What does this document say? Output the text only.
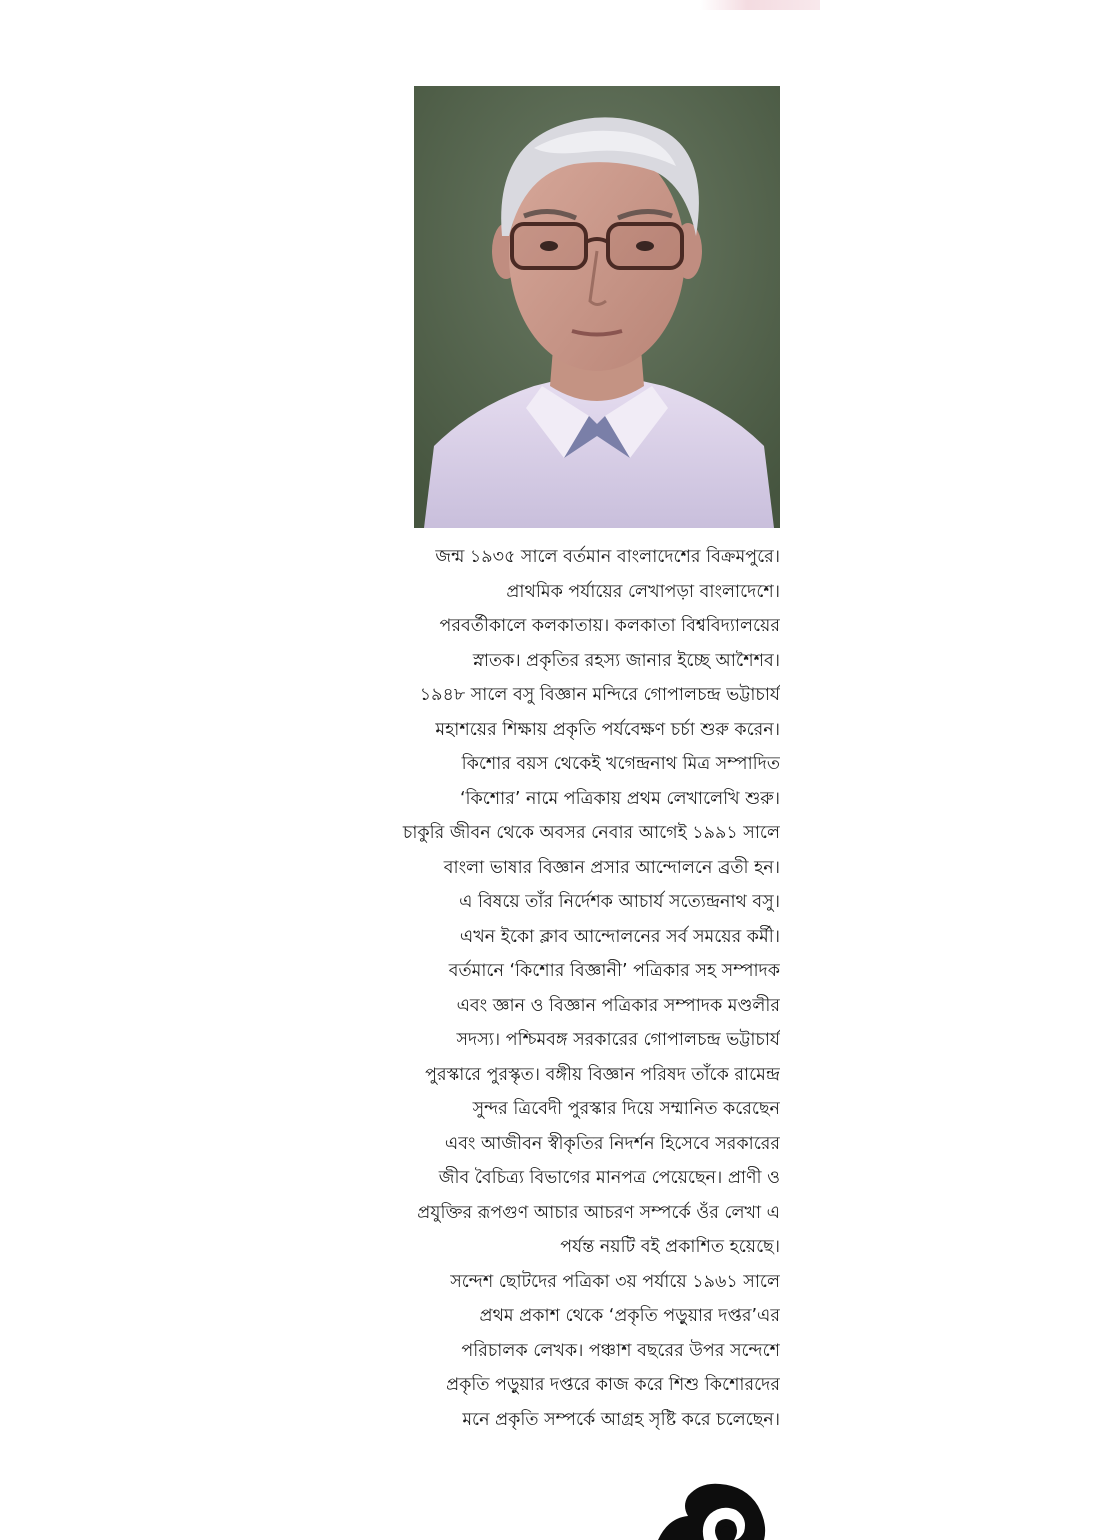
জন্ম ১৯৩৫ সালে বর্তমান বাংলাদেশের বিক্রমপুরে।
প্রাথমিক পর্যায়ের লেখাপড়া বাংলাদেশে।
পরবর্তীকালে কলকাতায়। কলকাতা বিশ্ববিদ্যালয়ের
স্নাতক। প্রকৃতির রহস্য জানার ইচ্ছে আশৈশব।
১৯৪৮ সালে বসু বিজ্ঞান মন্দিরে গোপালচন্দ্র ভট্টাচার্য
মহাশয়ের শিক্ষায় প্রকৃতি পর্যবেক্ষণ চর্চা শুরু করেন।
কিশোর বয়স থেকেই খগেন্দ্রনাথ মিত্র সম্পাদিত
‘কিশোর’ নামে পত্রিকায় প্রথম লেখালেখি শুরু।
চাকুরি জীবন থেকে অবসর নেবার আগেই ১৯৯১ সালে
বাংলা ভাষার বিজ্ঞান প্রসার আন্দোলনে ব্রতী হন।
এ বিষয়ে তাঁর নির্দেশক আচার্য সত্যেন্দ্রনাথ বসু।
এখন ইকো ক্লাব আন্দোলনের সর্ব সময়ের কর্মী।
বর্তমানে ‘কিশোর বিজ্ঞানী’ পত্রিকার সহ সম্পাদক
এবং জ্ঞান ও বিজ্ঞান পত্রিকার সম্পাদক মণ্ডলীর
সদস্য। পশ্চিমবঙ্গ সরকারের গোপালচন্দ্র ভট্টাচার্য
পুরস্কারে পুরস্কৃত। বঙ্গীয় বিজ্ঞান পরিষদ তাঁকে রামেন্দ্র
সুন্দর ত্রিবেদী পুরস্কার দিয়ে সম্মানিত করেছেন
এবং আজীবন স্বীকৃতির নিদর্শন হিসেবে সরকারের
জীব বৈচিত্র্য বিভাগের মানপত্র পেয়েছেন। প্রাণী ও
প্রযুক্তির রূপগুণ আচার আচরণ সম্পর্কে ওঁর লেখা এ
পর্যন্ত নয়টি বই প্রকাশিত হয়েছে।
সন্দেশ ছোটদের পত্রিকা ৩য় পর্যায়ে ১৯৬১ সালে
প্রথম প্রকাশ থেকে ‘প্রকৃতি পড়ুয়ার দপ্তর’এর
পরিচালক লেখক। পঞ্চাশ বছরের উপর সন্দেশে
প্রকৃতি পড়ুয়ার দপ্তরে কাজ করে শিশু কিশোরদের
মনে প্রকৃতি সম্পর্কে আগ্রহ সৃষ্টি করে চলেছেন।
